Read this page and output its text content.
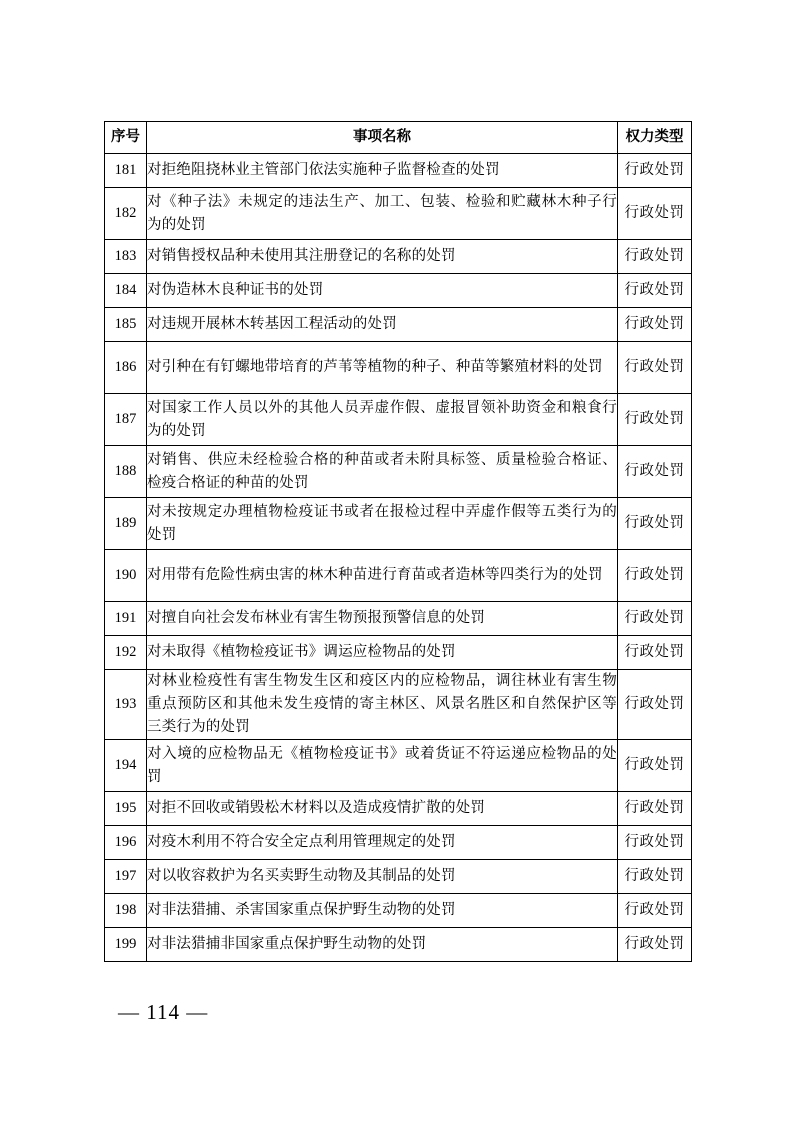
序号	事项名称	权力类型
181	对拒绝阻挠林业主管部门依法实施种子监督检查的处罚	行政处罚
182	对《种子法》未规定的违法生产、加工、包装、检验和贮藏林木种子行为的处罚	行政处罚
183	对销售授权品种未使用其注册登记的名称的处罚	行政处罚
184	对伪造林木良种证书的处罚	行政处罚
185	对违规开展林木转基因工程活动的处罚	行政处罚
186	对引种在有钉螺地带培育的芦苇等植物的种子、种苗等繁殖材料的处罚	行政处罚
187	对国家工作人员以外的其他人员弄虚作假、虚报冒领补助资金和粮食行为的处罚	行政处罚
188	对销售、供应未经检验合格的种苗或者未附具标签、质量检验合格证、检疫合格证的种苗的处罚	行政处罚
189	对未按规定办理植物检疫证书或者在报检过程中弄虚作假等五类行为的处罚	行政处罚
190	对用带有危险性病虫害的林木种苗进行育苗或者造林等四类行为的处罚	行政处罚
191	对擅自向社会发布林业有害生物预报预警信息的处罚	行政处罚
192	对未取得《植物检疫证书》调运应检物品的处罚	行政处罚
193	对林业检疫性有害生物发生区和疫区内的应检物品，调往林业有害生物重点预防区和其他未发生疫情的寄主林区、风景名胜区和自然保护区等三类行为的处罚	行政处罚
194	对入境的应检物品无《植物检疫证书》或着货证不符运递应检物品的处罚	行政处罚
195	对拒不回收或销毁松木材料以及造成疫情扩散的处罚	行政处罚
196	对疫木利用不符合安全定点利用管理规定的处罚	行政处罚
197	对以收容救护为名买卖野生动物及其制品的处罚	行政处罚
198	对非法猎捕、杀害国家重点保护野生动物的处罚	行政处罚
199	对非法猎捕非国家重点保护野生动物的处罚	行政处罚
— 114 —
